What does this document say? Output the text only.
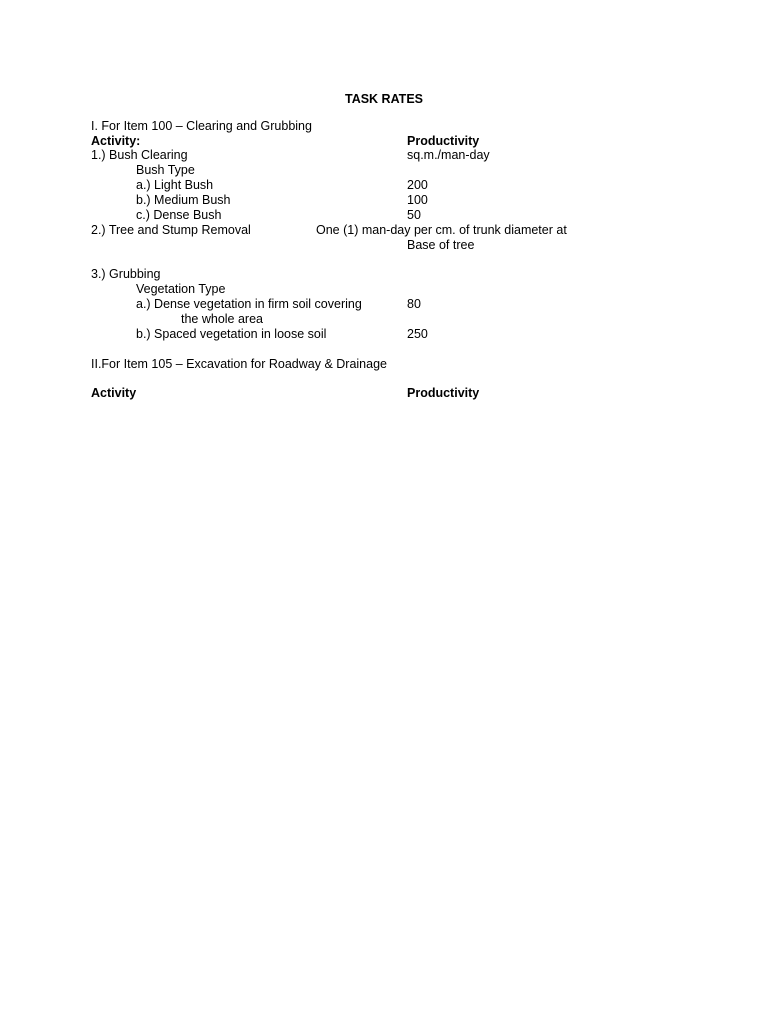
TASK RATES
I. For Item 100 – Clearing and Grubbing
Activity:	Productivity
1.) Bush Clearing	sq.m./man-day
Bush Type
a.) Light Bush	200
b.) Medium Bush	100
c.) Dense Bush	50
2.) Tree and Stump Removal	One (1) man-day per cm. of trunk diameter at
Base of tree
3.) Grubbing
Vegetation Type
a.) Dense vegetation in firm soil covering	80
the whole area
b.) Spaced vegetation in loose soil	250
II.For Item 105 – Excavation for Roadway & Drainage
Activity	Productivity
